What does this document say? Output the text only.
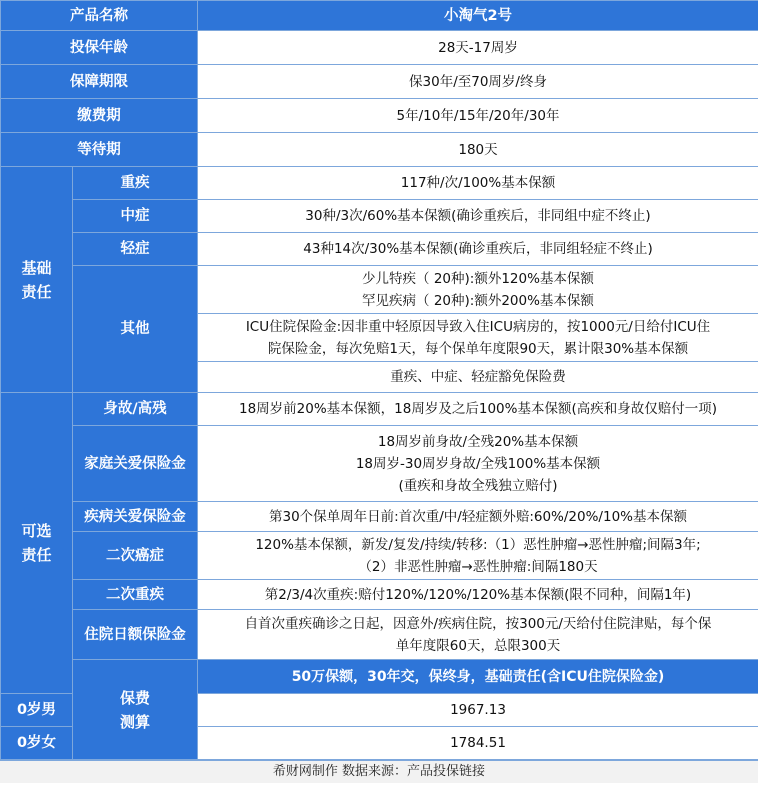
产品名称		小淘气2号
投保年龄		28天-17周岁
保障期限		保30年/至70周岁/终身
缴费期		5年/10年/15年/20年/30年
等待期		180天

基础
责任	重疾	117种/次/100%基本保额
	中症	30种/3次/60%基本保额(确诊重疾后，非同组中症不终止)
	轻症	43种14次/30%基本保额(确诊重疾后，非同组轻症不终止)
	其他	少儿特疾（ 20种):额外120%基本保额
罕见疾病（ 20种):额外200%基本保额

		ICU住院保险金:因非重中轻原因导致入住ICU病房的，按1000元/日给付ICU住
院保险金，每次免赔1天，每个保单年度限90天，累计限30%基本保额

		重疾、中症、轻症豁免保险费

可选
责任	身故/高残	18周岁前20%基本保额，18周岁及之后100%基本保额(高疾和身故仅赔付一项)
	家庭关爱保险金	18周岁前身故/全残20%基本保额
18周岁-30周岁身故/全残100%基本保额
(重疾和身故全残独立赔付)

	疾病关爱保险金	第30个保单周年日前:首次重/中/轻症额外赔:60%/20%/10%基本保额
	二次癌症	120%基本保额，新发/复发/持续/转移:（1）恶性肿瘤→恶性肿瘤;间隔3年;
（2）非恶性肿瘤→恶性肿瘤:间隔180天

	二次重疾	第2/3/4次重疾:赔付120%/120%/120%基本保额(限不同种，间隔1年)
	住院日额保险金	自首次重疾确诊之日起，因意外/疾病住院，按300元/天给付住院津贴，每个保
单年度限60天，总限300天

	保费
测算	50万保额，30年交，保终身，基础责任(含ICU住院保险金)
0岁男		1967.13
0岁女		1784.51
希财网制作 数据来源：产品投保链接
